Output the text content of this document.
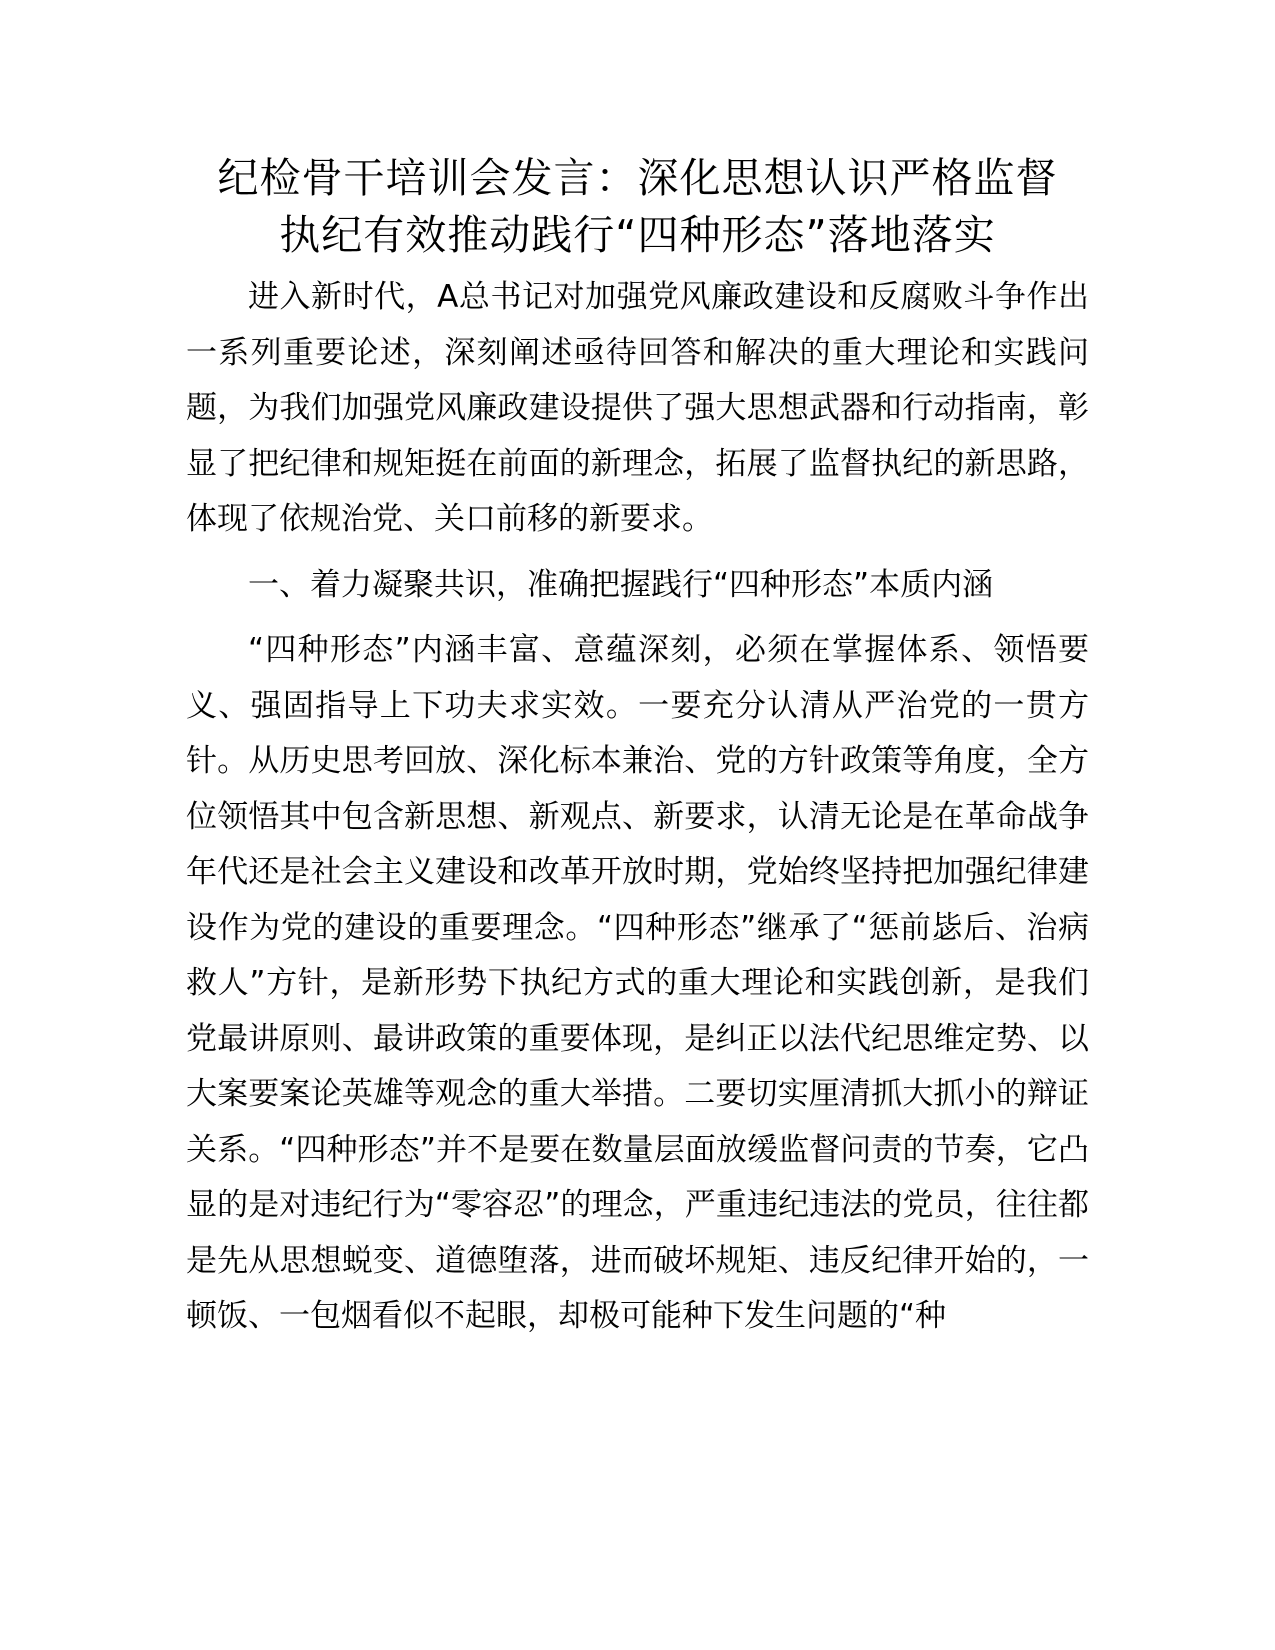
纪检骨干培训会发言：深化思想认识严格监督
执纪有效推动践行“四种形态”落地落实

进入新时代，A总书记对加强党风廉政建设和反腐败斗争作出一系列重要论述，深刻阐述亟待回答和解决的重大理论和实践问题，为我们加强党风廉政建设提供了强大思想武器和行动指南，彰显了把纪律和规矩挺在前面的新理念，拓展了监督执纪的新思路，体现了依规治党、关口前移的新要求。

一、着力凝聚共识，准确把握践行“四种形态”本质内涵

“四种形态”内涵丰富、意蕴深刻，必须在掌握体系、领悟要义、强固指导上下功夫求实效。一要充分认清从严治党的一贯方针。从历史思考回放、深化标本兼治、党的方针政策等角度，全方位领悟其中包含新思想、新观点、新要求，认清无论是在革命战争年代还是社会主义建设和改革开放时期，党始终坚持把加强纪律建设作为党的建设的重要理念。“四种形态”继承了“惩前毖后、治病救人”方针，是新形势下执纪方式的重大理论和实践创新，是我们党最讲原则、最讲政策的重要体现，是纠正以法代纪思维定势、以大案要案论英雄等观念的重大举措。二要切实厘清抓大抓小的辩证关系。“四种形态”并不是要在数量层面放缓监督问责的节奏，它凸显的是对违纪行为“零容忍”的理念，严重违纪违法的党员，往往都是先从思想蜕变、道德堕落，进而破坏规矩、违反纪律开始的，一顿饭、一包烟看似不起眼，却极可能种下发生问题的“种
